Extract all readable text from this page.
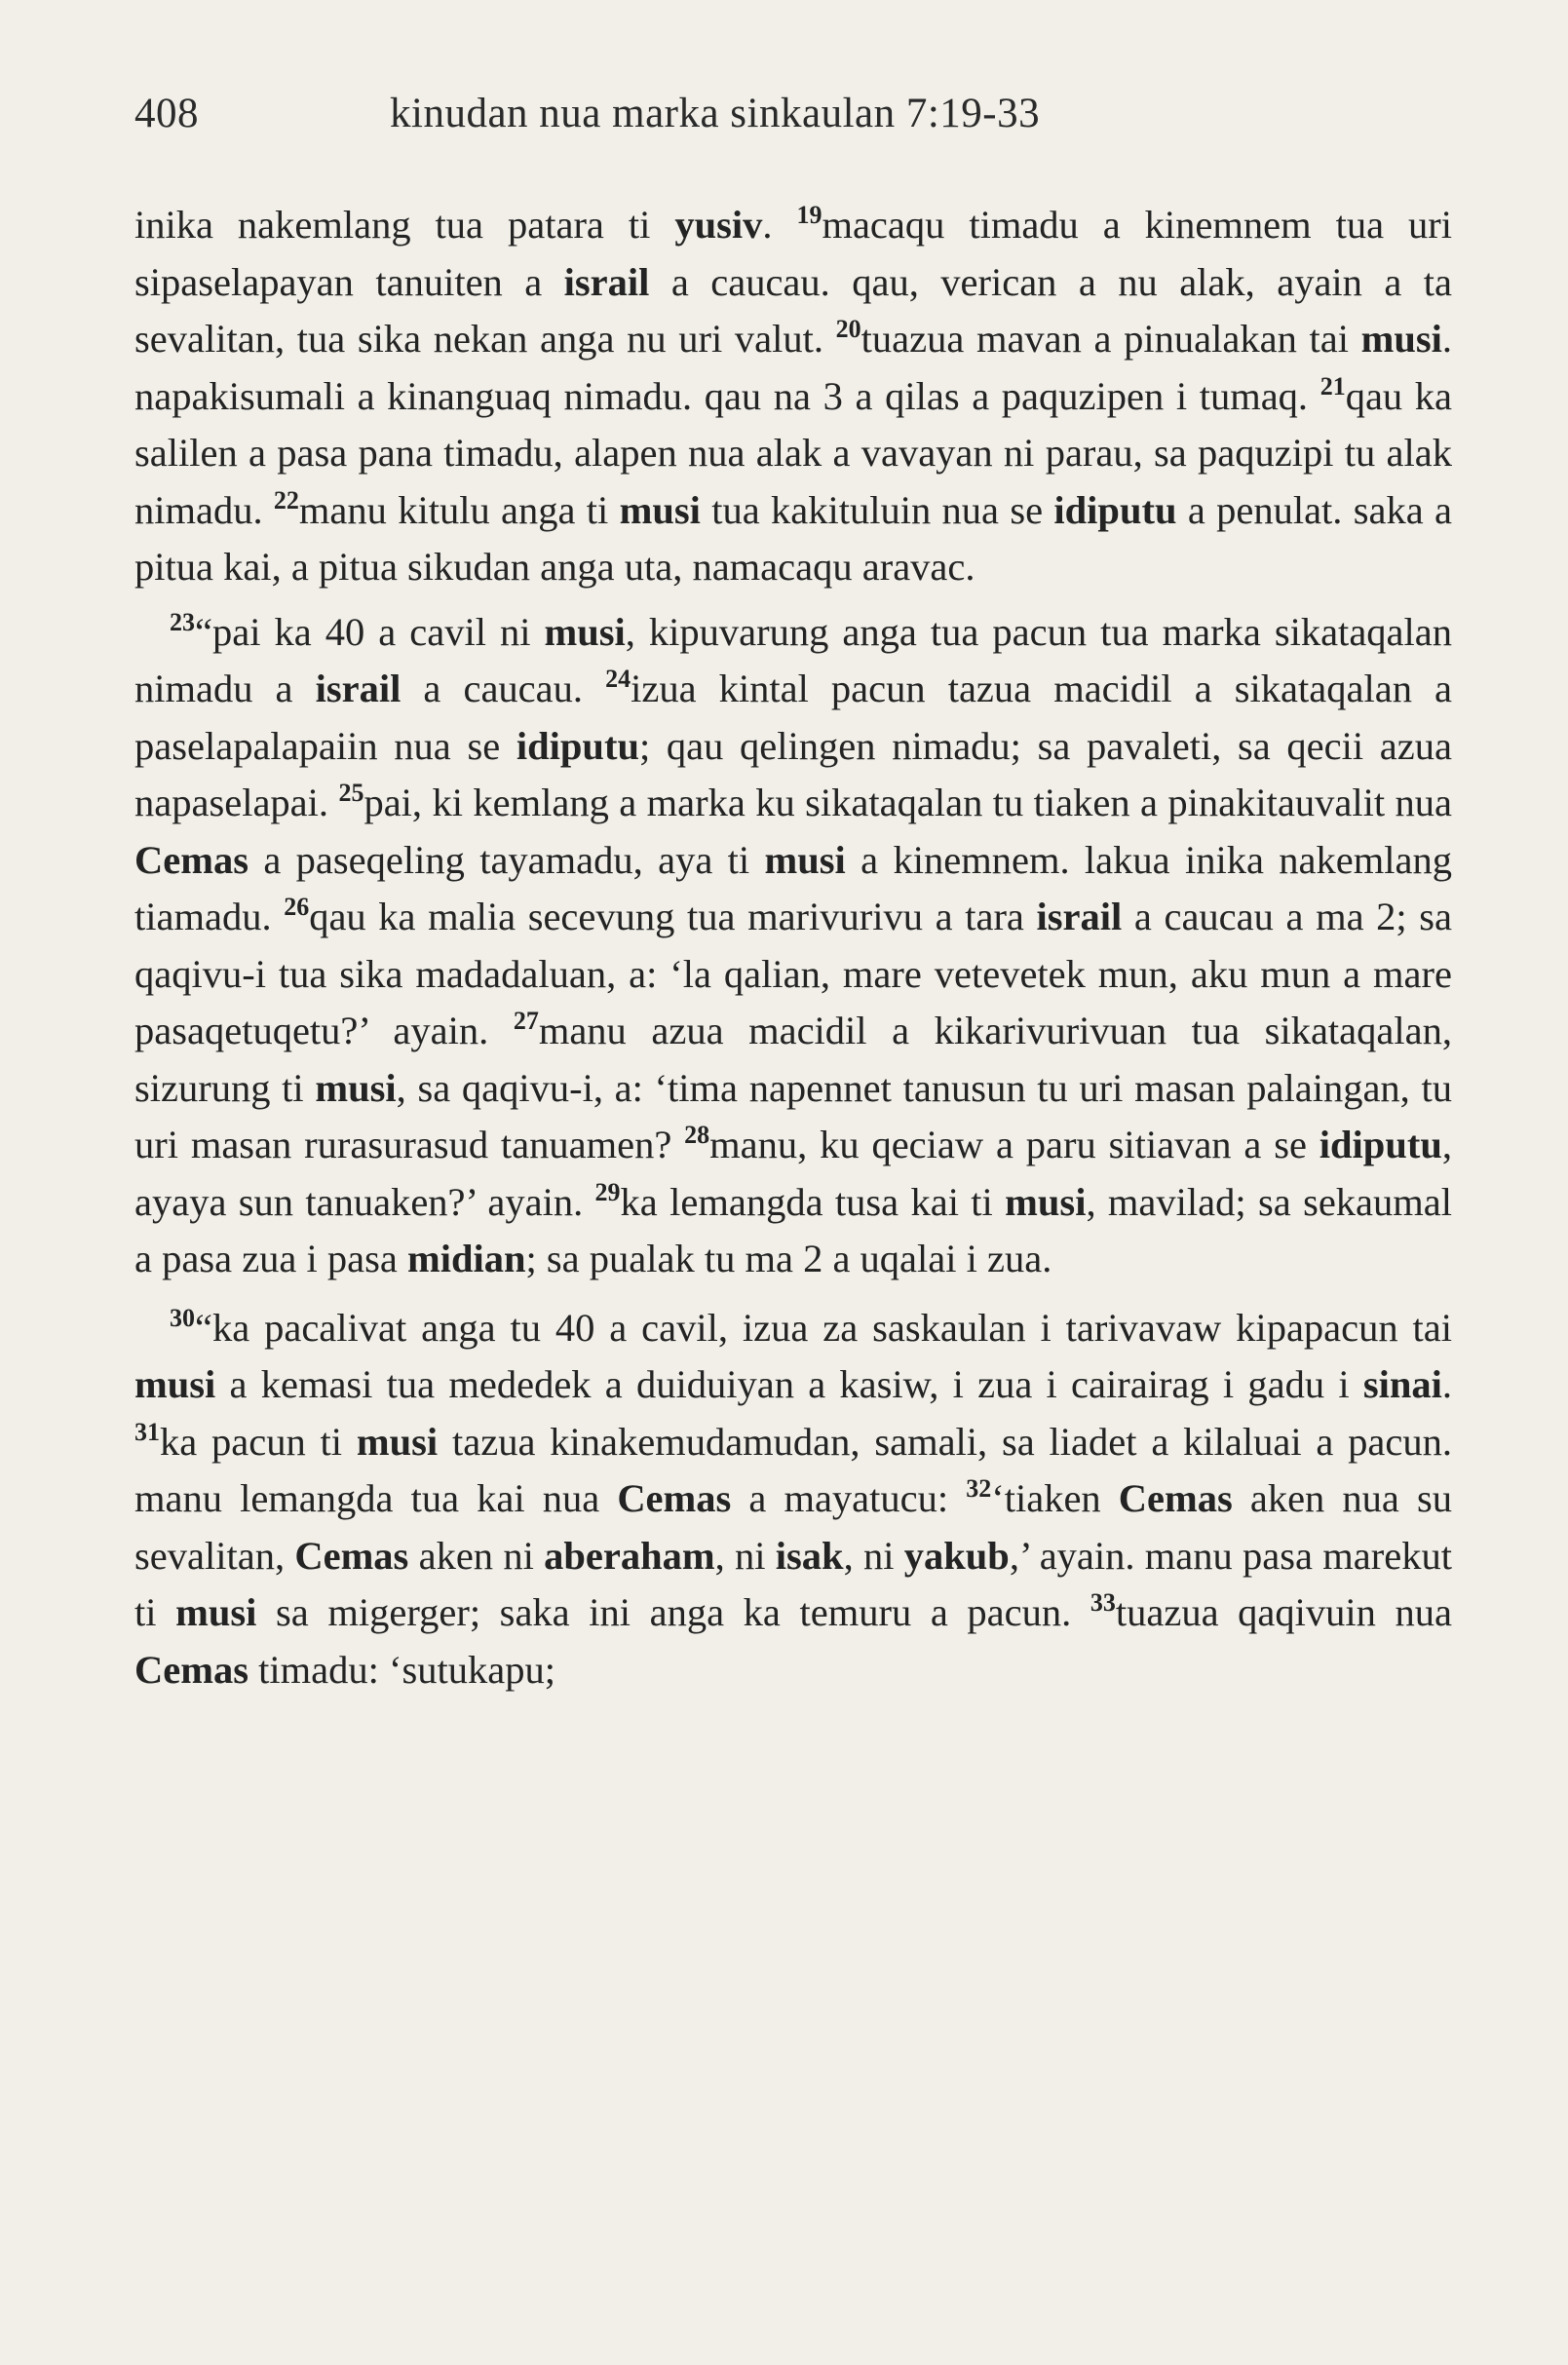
408	kinudan nua marka sinkaulan 7:19-33

inika nakemlang tua patara ti yusiv. $^{19}$macaqu timadu a kinemnem tua uri sipaselapayan tanuiten a israil a caucau. qau, verican a nu alak, ayain a ta sevalitan, tua sika nekan anga nu uri valut. $^{20}$tuazua mavan a pinualakan tai musi. napakisumali a kinanguaq nimadu. qau na 3 a qilas a paquzipen i tumaq. $^{21}$qau ka salilen a pasa pana timadu, alapen nua alak a vavayan ni parau, sa paquzipi tu alak nimadu. $^{22}$manu kitulu anga ti musi tua kakituluin nua se idiputu a penulat. saka a pitua kai, a pitua sikudan anga uta, namacaqu aravac.

$^{23}$“pai ka 40 a cavil ni musi, kipuvarung anga tua pacun tua marka sikataqalan nimadu a israil a caucau. $^{24}$izua kintal pacun tazua macidil a sikataqalan a paselapalapaiin nua se idiputu; qau qelingen nimadu; sa pavaleti, sa qecii azua napaselapai. $^{25}$pai, ki kemlang a marka ku sikataqalan tu tiaken a pinakitauvalit nua Cemas a paseqeling tayamadu, aya ti musi a kinemnem. lakua inika nakemlang tiamadu. $^{26}$qau ka malia secevung tua marivurivu a tara israil a caucau a ma 2; sa qaqivu-i tua sika madadaluan, a: ‘la qalian, mare vetevetek mun, aku mun a mare pasaqetuqetu?’ ayain. $^{27}$manu azua macidil a kikarivurivuan tua sikataqalan, sizurung ti musi, sa qaqivu-i, a: ‘tima napennet tanusun tu uri masan palaingan, tu uri masan rurasurasud tanuamen? $^{28}$manu, ku qeciaw a paru sitiavan a se idiputu, ayaya sun tanuaken?’ ayain. $^{29}$ka lemangda tusa kai ti musi, mavilad; sa sekaumal a pasa zua i pasa midian; sa pualak tu ma 2 a uqalai i zua.

$^{30}$“ka pacalivat anga tu 40 a cavil, izua za saskaulan i tarivavaw kipapacun tai musi a kemasi tua mededek a duiduiyan a kasiw, i zua i cairairag i gadu i sinai. $^{31}$ka pacun ti musi tazua kinakemudamudan, samali, sa liadet a kilaluai a pacun. manu lemangda tua kai nua Cemas a mayatucu: $^{32}$‘tiaken Cemas aken nua su sevalitan, Cemas aken ni aberaham, ni isak, ni yakub,’ ayain. manu pasa marekut ti musi sa migerger; saka ini anga ka temuru a pacun. $^{33}$tuazua qaqivuin nua Cemas timadu: ‘sutukapu;
